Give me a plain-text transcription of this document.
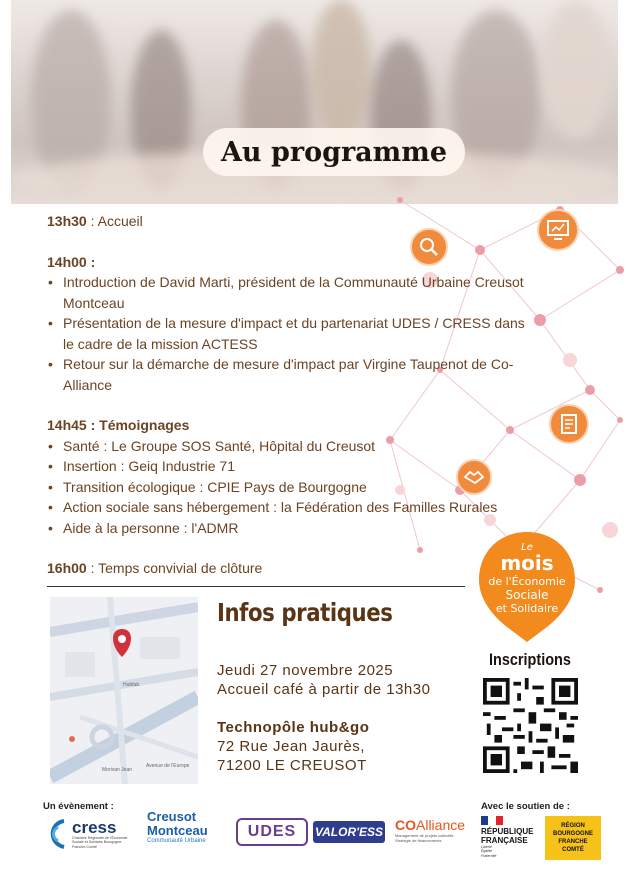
Au programme
13h30 : Accueil
14h00 :
• Introduction de David Marti, président de la Communauté Urbaine Creusot Montceau
• Présentation de la mesure d'impact et du partenariat UDES / CRESS dans le cadre de la mission ACTESS
• Retour sur la démarche de mesure d'impact par Virgine Taupenot de Co-Alliance
14h45 : Témoignages
• Santé : Le Groupe SOS Santé, Hôpital du Creusot
• Insertion : Geiq Industrie 71
• Transition écologique : CPIE Pays de Bourgogne
• Action sociale sans hébergement : la Fédération des Familles Rurales
• Aide à la personne : l'ADMR
16h00 : Temps convivial de clôture
Hubfab
Morivan Jean
Avenue de l'Europe
Infos pratiques
Jeudi 27 novembre 2025
Accueil café à partir de 13h30
Technopôle hub&go
72 Rue Jean Jaurès,
71200 LE CREUSOT
Le
mois
de l'Économie
Sociale
et Solidaire
Inscriptions
Un évènement :	Avec le soutien de :
cress
Chambre Régionale de l'Économie Sociale et Solidaire Bourgogne-Franche-Comté
Creusot
Montceau
Communauté Urbaine
UDES VALOR'ESS COAlliance
Management de projets collectifs Stratégie de financements
RÉPUBLIQUE
FRANÇAISE
Liberté Égalité Fraternité
RÉGION
BOURGOGNE
FRANCHE
COMTÉ
